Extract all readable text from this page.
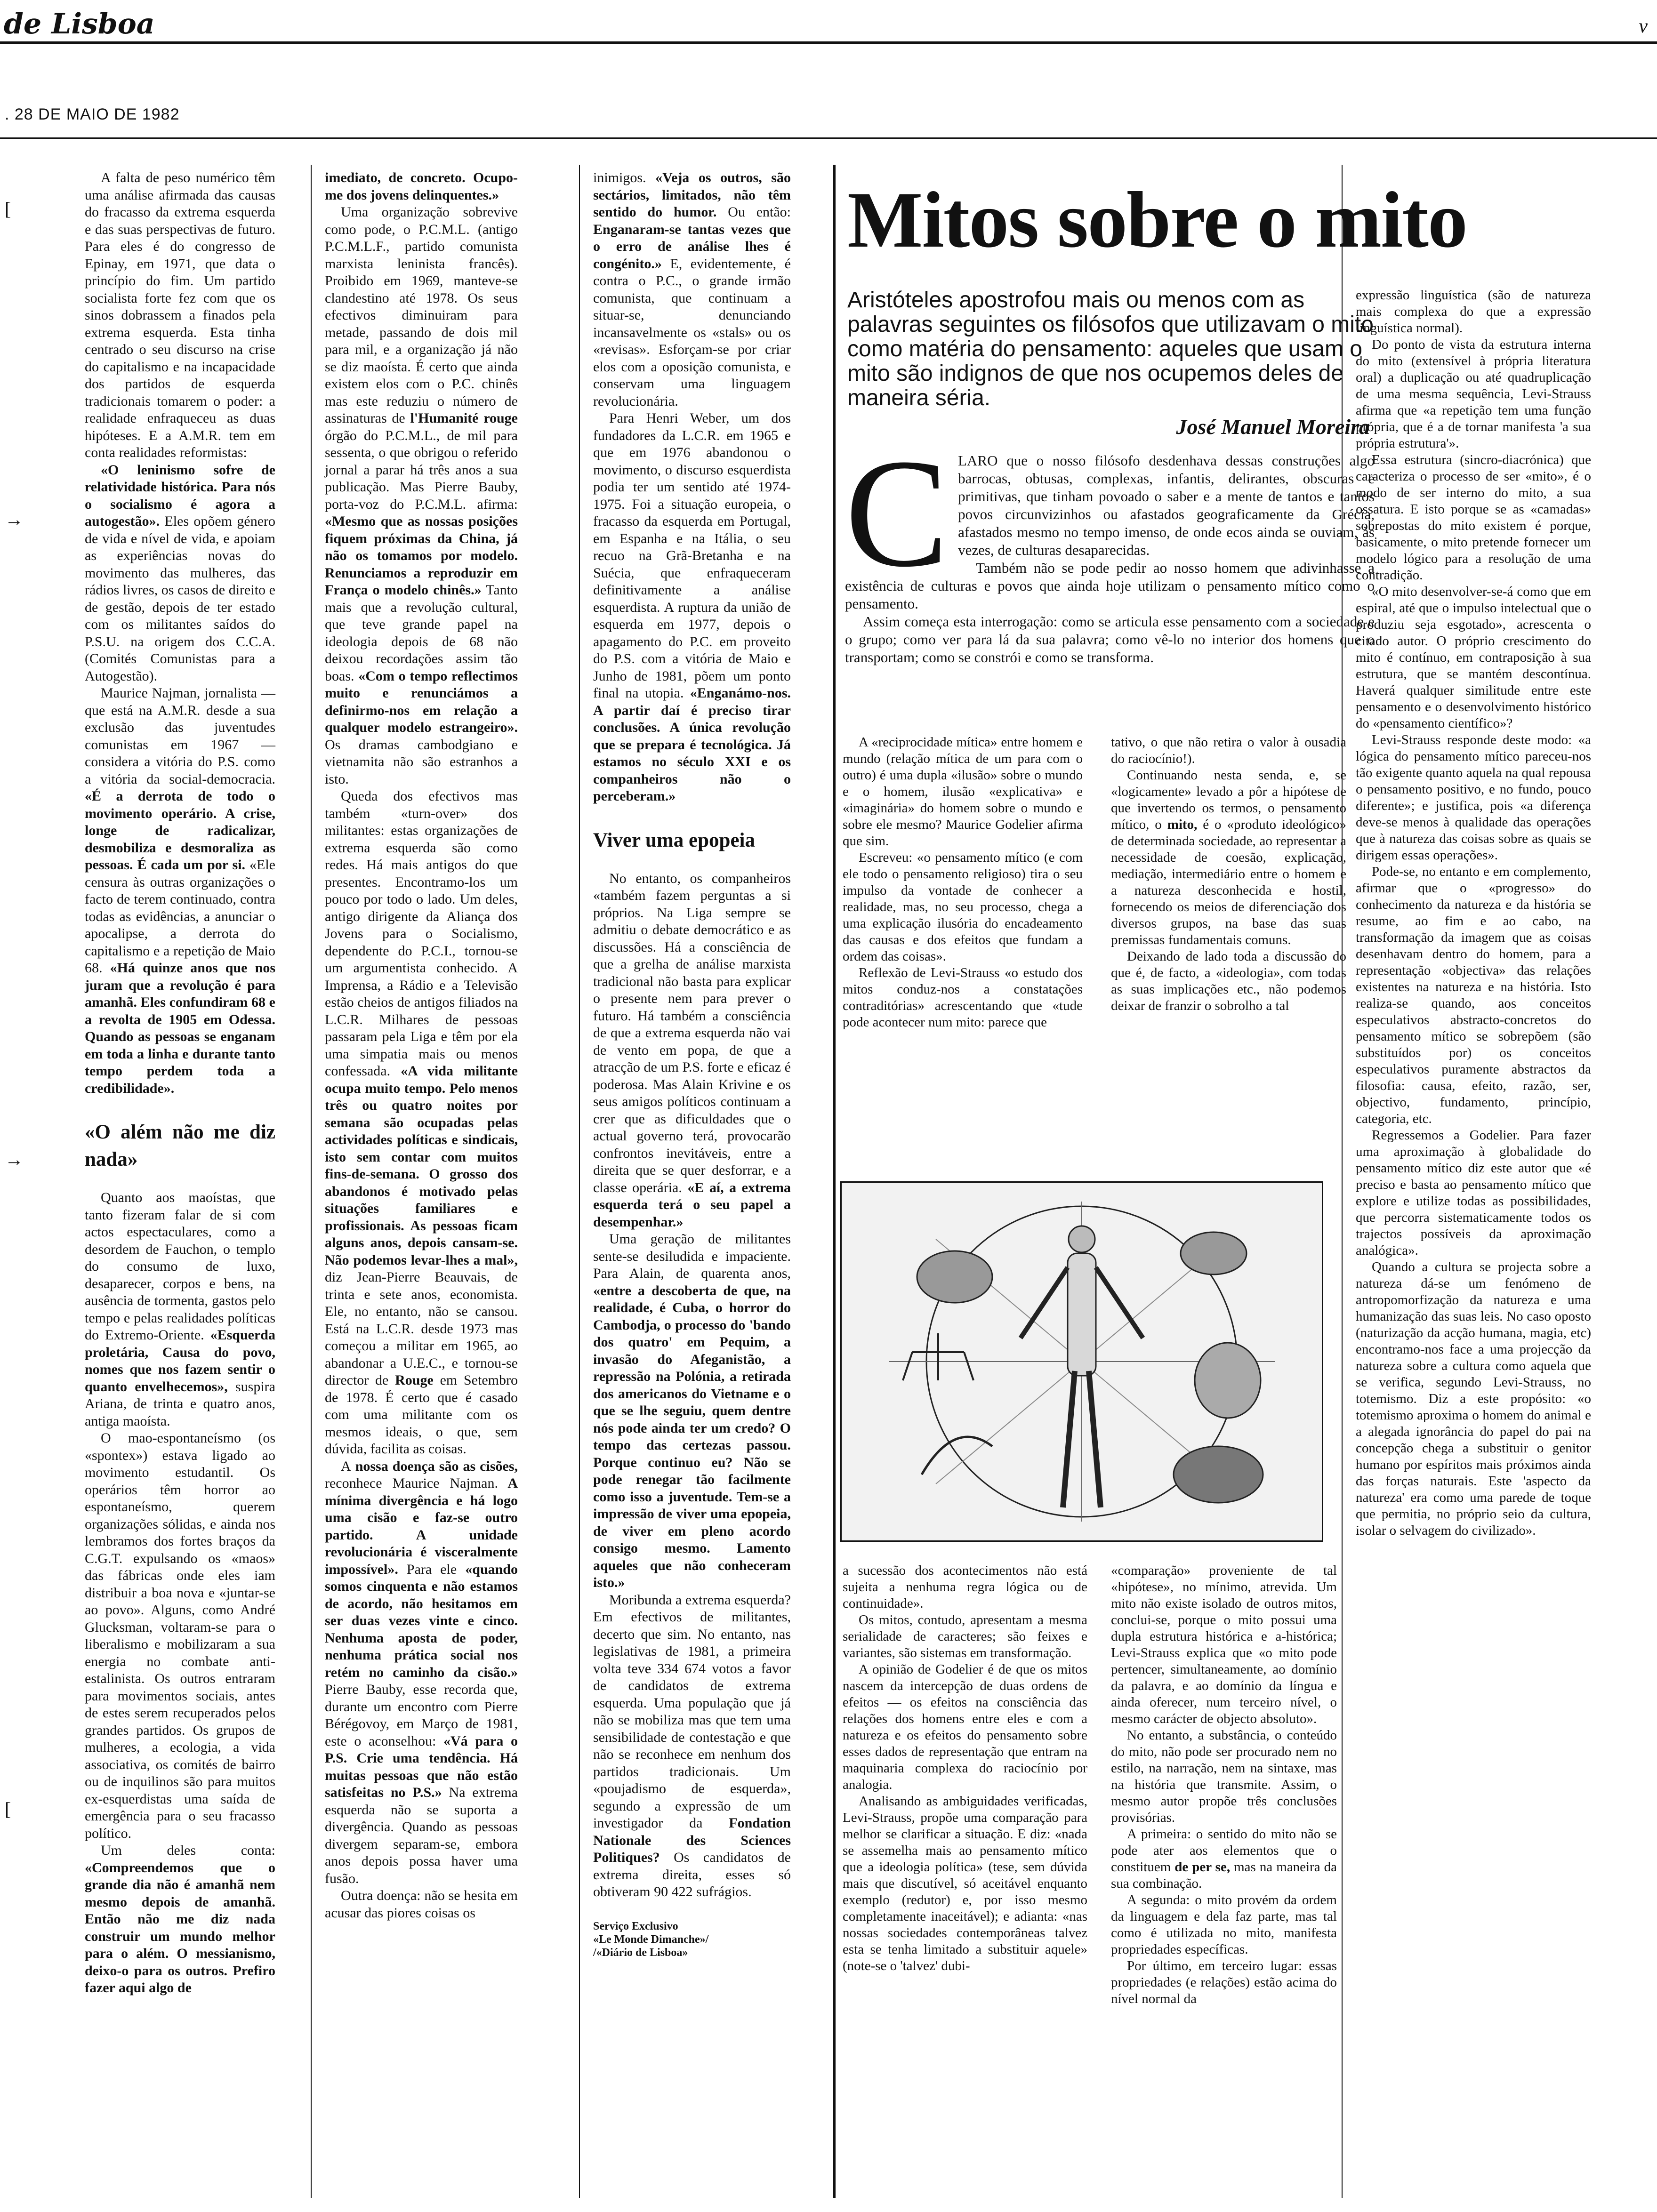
de Lisboa	v
. 28 DE MAIO DE 1982
[
→
→
[

A falta de peso numérico têm uma análise afirmada das causas do fracasso da extrema esquerda e das suas perspectivas de futuro. Para eles é do congresso de Epinay, em 1971, que data o princípio do fim. Um partido socialista forte fez com que os sinos dobrassem a finados pela extrema esquerda. Esta tinha centrado o seu discurso na crise do capitalismo e na incapacidade dos partidos de esquerda tradicionais tomarem o poder: a realidade enfraqueceu as duas hipóteses. E a A.M.R. tem em conta realidades reformistas:

«O leninismo sofre de relatividade histórica. Para nós o socialismo é agora a autogestão». Eles opõem género de vida e nível de vida, e apoiam as experiências novas do movimento das mulheres, das rádios livres, os casos de direito e de gestão, depois de ter estado com os militantes saídos do P.S.U. na origem dos C.C.A. (Comités Comunistas para a Autogestão).

Maurice Najman, jornalista — que está na A.M.R. desde a sua exclusão das juventudes comunistas em 1967 — considera a vitória do P.S. como a vitória da social-democracia. «É a derrota de todo o movimento operário. A crise, longe de radicalizar, desmobiliza e desmoraliza as pessoas. É cada um por si. «Ele censura às outras organizações o facto de terem continuado, contra todas as evidências, a anunciar o apocalipse, a derrota do capitalismo e a repetição de Maio 68. «Há quinze anos que nos juram que a revolução é para amanhã. Eles confundiram 68 e a revolta de 1905 em Odessa. Quando as pessoas se enganam em toda a linha e durante tanto tempo perdem toda a credibilidade».

«O além não me diz nada»

Quanto aos maoístas, que tanto fizeram falar de si com actos espectaculares, como a desordem de Fauchon, o templo do consumo de luxo, desaparecer, corpos e bens, na ausência de tormenta, gastos pelo tempo e pelas realidades políticas do Extremo-Oriente. «Esquerda proletária, Causa do povo, nomes que nos fazem sentir o quanto envelhecemos», suspira Ariana, de trinta e quatro anos, antiga maoísta.

O mao-espontaneísmo (os «spontex») estava ligado ao movimento estudantil. Os operários têm horror ao espontaneísmo, querem organizações sólidas, e ainda nos lembramos dos fortes braços da C.G.T. expulsando os «maos» das fábricas onde eles iam distribuir a boa nova e «juntar-se ao povo». Alguns, como André Glucksman, voltaram-se para o liberalismo e mobilizaram a sua energia no combate anti-estalinista. Os outros entraram para movimentos sociais, antes de estes serem recuperados pelos grandes partidos. Os grupos de mulheres, a ecologia, a vida associativa, os comités de bairro ou de inquilinos são para muitos ex-esquerdistas uma saída de emergência para o seu fracasso político.

Um deles conta: «Compreendemos que o grande dia não é amanhã nem mesmo depois de amanhã. Então não me diz nada construir um mundo melhor para o além. O messianismo, deixo-o para os outros. Prefiro fazer aqui algo de

imediato, de concreto. Ocupo-me dos jovens delinquentes.»

Uma organização sobrevive como pode, o P.C.M.L. (antigo P.C.M.L.F., partido comunista marxista leninista francês). Proibido em 1969, manteve-se clandestino até 1978. Os seus efectivos diminuiram para metade, passando de dois mil para mil, e a organização já não se diz maoísta. É certo que ainda existem elos com o P.C. chinês mas este reduziu o número de assinaturas de l'Humanité rouge órgão do P.C.M.L., de mil para sessenta, o que obrigou o referido jornal a parar há três anos a sua publicação. Mas Pierre Bauby, porta-voz do P.C.M.L. afirma: «Mesmo que as nossas posições fiquem próximas da China, já não os tomamos por modelo. Renunciamos a reproduzir em França o modelo chinês.» Tanto mais que a revolução cultural, que teve grande papel na ideologia depois de 68 não deixou recordações assim tão boas. «Com o tempo reflectimos muito e renunciámos a definirmo-nos em relação a qualquer modelo estrangeiro». Os dramas cambodgiano e vietnamita não são estranhos a isto.

Queda dos efectivos mas também «turn-over» dos militantes: estas organizações de extrema esquerda são como redes. Há mais antigos do que presentes. Encontramo-los um pouco por todo o lado. Um deles, antigo dirigente da Aliança dos Jovens para o Socialismo, dependente do P.C.I., tornou-se um argumentista conhecido. A Imprensa, a Rádio e a Televisão estão cheios de antigos filiados na L.C.R. Milhares de pessoas passaram pela Liga e têm por ela uma simpatia mais ou menos confessada. «A vida militante ocupa muito tempo. Pelo menos três ou quatro noites por semana são ocupadas pelas actividades políticas e sindicais, isto sem contar com muitos fins-de-semana. O grosso dos abandonos é motivado pelas situações familiares e profissionais. As pessoas ficam alguns anos, depois cansam-se. Não podemos levar-lhes a mal», diz Jean-Pierre Beauvais, de trinta e sete anos, economista. Ele, no entanto, não se cansou. Está na L.C.R. desde 1973 mas começou a militar em 1965, ao abandonar a U.E.C., e tornou-se director de Rouge em Setembro de 1978. É certo que é casado com uma militante com os mesmos ideais, o que, sem dúvida, facilita as coisas.

A nossa doença são as cisões, reconhece Maurice Najman. A mínima divergência e há logo uma cisão e faz-se outro partido. A unidade revolucionária é visceralmente impossível». Para ele «quando somos cinquenta e não estamos de acordo, não hesitamos em ser duas vezes vinte e cinco. Nenhuma aposta de poder, nenhuma prática social nos retém no caminho da cisão.» Pierre Bauby, esse recorda que, durante um encontro com Pierre Bérégovoy, em Março de 1981, este o aconselhou: «Vá para o P.S. Crie uma tendência. Há muitas pessoas que não estão satisfeitas no P.S.» Na extrema esquerda não se suporta a divergência. Quando as pessoas divergem separam-se, embora anos depois possa haver uma fusão.

Outra doença: não se hesita em acusar das piores coisas os

inimigos. «Veja os outros, são sectários, limitados, não têm sentido do humor. Ou então: Enganaram-se tantas vezes que o erro de análise lhes é congénito.» E, evidentemente, é contra o P.C., o grande irmão comunista, que continuam a situar-se, denunciando incansavelmente os «stals» ou os «revisas». Esforçam-se por criar elos com a oposição comunista, e conservam uma linguagem revolucionária.

Para Henri Weber, um dos fundadores da L.C.R. em 1965 e que em 1976 abandonou o movimento, o discurso esquerdista podia ter um sentido até 1974-1975. Foi a situação europeia, o fracasso da esquerda em Portugal, em Espanha e na Itália, o seu recuo na Grã-Bretanha e na Suécia, que enfraqueceram definitivamente a análise esquerdista. A ruptura da união de esquerda em 1977, depois o apagamento do P.C. em proveito do P.S. com a vitória de Maio e Junho de 1981, põem um ponto final na utopia. «Enganámo-nos. A partir daí é preciso tirar conclusões. A única revolução que se prepara é tecnológica. Já estamos no século XXI e os companheiros não o perceberam.»

Viver uma epopeia

No entanto, os companheiros «também fazem perguntas a si próprios. Na Liga sempre se admitiu o debate democrático e as discussões. Há a consciência de que a grelha de análise marxista tradicional não basta para explicar o presente nem para prever o futuro. Há também a consciência de que a extrema esquerda não vai de vento em popa, de que a atracção de um P.S. forte e eficaz é poderosa. Mas Alain Krivine e os seus amigos políticos continuam a crer que as dificuldades que o actual governo terá, provocarão confrontos inevitáveis, entre a direita que se quer desforrar, e a classe operária. «E aí, a extrema esquerda terá o seu papel a desempenhar.»

Uma geração de militantes sente-se desiludida e impaciente. Para Alain, de quarenta anos, «entre a descoberta de que, na realidade, é Cuba, o horror do Cambodja, o processo do 'bando dos quatro' em Pequim, a invasão do Afeganistão, a repressão na Polónia, a retirada dos americanos do Vietname e o que se lhe seguiu, quem dentre nós pode ainda ter um credo? O tempo das certezas passou. Porque continuo eu? Não se pode renegar tão facilmente como isso a juventude. Tem-se a impressão de viver uma epopeia, de viver em pleno acordo consigo mesmo. Lamento aqueles que não conheceram isto.»

Moribunda a extrema esquerda? Em efectivos de militantes, decerto que sim. No entanto, nas legislativas de 1981, a primeira volta teve 334 674 votos a favor de candidatos de extrema esquerda. Uma população que já não se mobiliza mas que tem uma sensibilidade de contestação e que não se reconhece em nenhum dos partidos tradicionais. Um «poujadismo de esquerda», segundo a expressão de um investigador da Fondation Nationale des Sciences Politiques? Os candidatos de extrema direita, esses só obtiveram 90 422 sufrágios.

Serviço Exclusivo
«Le Monde Dimanche»/
/«Diário de Lisboa»
Mitos sobre o mito
Aristóteles apostrofou mais ou menos com as palavras seguintes os filósofos que utilizavam o mito como matéria do pensamento: aqueles que usam o mito são indignos de que nos ocupemos deles de maneira séria.
José Manuel Moreira
C LARO que o nosso filósofo desdenhava dessas construções algo barrocas, obtusas, complexas, infantis, delirantes, obscuras e primitivas, que tinham povoado o saber e a mente de tantos e tantos povos circunvizinhos ou afastados geograficamente da Grécia, afastados mesmo no tempo imenso, de onde ecos ainda se ouviam, às vezes, de culturas desaparecidas.

Também não se pode pedir ao nosso homem que adivinhasse a existência de culturas e povos que ainda hoje utilizam o pensamento mítico como o pensamento.

Assim começa esta interrogação: como se articula esse pensamento com a sociedade e o grupo; como ver para lá da sua palavra; como vê-lo no interior dos homens que o transportam; como se constrói e como se transforma.

A «reciprocidade mítica» entre homem e mundo (relação mítica de um para com o outro) é uma dupla «ilusão» sobre o mundo e o homem, ilusão «explicativa» e «imaginária» do homem sobre o mundo e sobre ele mesmo? Maurice Godelier afirma que sim.

Escreveu: «o pensamento mítico (e com ele todo o pensamento religioso) tira o seu impulso da vontade de conhecer a realidade, mas, no seu processo, chega a uma explicação ilusória do encadeamento das causas e dos efeitos que fundam a ordem das coisas».

Reflexão de Levi-Strauss «o estudo dos mitos conduz-nos a constatações contraditórias» acrescentando que «tude pode acontecer num mito: parece que

tativo, o que não retira o valor à ousadia do raciocínio!).

Continuando nesta senda, e, se «logicamente» levado a pôr a hipótese de que invertendo os termos, o pensamento mítico, o mito, é o «produto ideológico» de determinada sociedade, ao representar a necessidade de coesão, explicação, mediação, intermediário entre o homem e a natureza desconhecida e hostil, fornecendo os meios de diferenciação dos diversos grupos, na base das suas premissas fundamentais comuns.

Deixando de lado toda a discussão do que é, de facto, a «ideologia», com todas as suas implicações etc., não podemos deixar de franzir o sobrolho a tal

a sucessão dos acontecimentos não está sujeita a nenhuma regra lógica ou de continuidade».

Os mitos, contudo, apresentam a mesma serialidade de caracteres; são feixes e variantes, são sistemas em transformação.

A opinião de Godelier é de que os mitos nascem da intercepção de duas ordens de efeitos — os efeitos na consciência das relações dos homens entre eles e com a natureza e os efeitos do pensamento sobre esses dados de representação que entram na maquinaria complexa do raciocínio por analogia.

Analisando as ambiguidades verificadas, Levi-Strauss, propõe uma comparação para melhor se clarificar a situação. E diz: «nada se assemelha mais ao pensamento mítico que a ideologia política» (tese, sem dúvida mais que discutível, só aceitável enquanto exemplo (redutor) e, por isso mesmo completamente inaceitável); e adianta: «nas nossas sociedades contemporâneas talvez esta se tenha limitado a substituir aquele» (note-se o 'talvez' dubi-

«comparação» proveniente de tal «hipótese», no mínimo, atrevida. Um mito não existe isolado de outros mitos, conclui-se, porque o mito possui uma dupla estrutura histórica e a-histórica; Levi-Strauss explica que «o mito pode pertencer, simultaneamente, ao domínio da palavra, e ao domínio da língua e ainda oferecer, num terceiro nível, o mesmo carácter de objecto absoluto».

No entanto, a substância, o conteúdo do mito, não pode ser procurado nem no estilo, na narração, nem na sintaxe, mas na história que transmite. Assim, o mesmo autor propõe três conclusões provisórias.

A primeira: o sentido do mito não se pode ater aos elementos que o constituem de per se, mas na maneira da sua combinação.

A segunda: o mito provém da ordem da linguagem e dela faz parte, mas tal como é utilizada no mito, manifesta propriedades específicas.

Por último, em terceiro lugar: essas propriedades (e relações) estão acima do nível normal da

expressão linguística (são de natureza mais complexa do que a expressão linguística normal).

Do ponto de vista da estrutura interna do mito (extensível à própria literatura oral) a duplicação ou até quadruplicação de uma mesma sequência, Levi-Strauss afirma que «a repetição tem uma função própria, que é a de tornar manifesta 'a sua própria estrutura'».

Essa estrutura (sincro-diacrónica) que caracteriza o processo de ser «mito», é o modo de ser interno do mito, a sua ossatura. E isto porque se as «camadas» sobrepostas do mito existem é porque, basicamente, o mito pretende fornecer um modelo lógico para a resolução de uma contradição.

«O mito desenvolver-se-á como que em espiral, até que o impulso intelectual que o produziu seja esgotado», acrescenta o citado autor. O próprio crescimento do mito é contínuo, em contraposição à sua estrutura, que se mantém descontínua. Haverá qualquer similitude entre este pensamento e o desenvolvimento histórico do «pensamento científico»?

Levi-Strauss responde deste modo: «a lógica do pensamento mítico pareceu-nos tão exigente quanto aquela na qual repousa o pensamento positivo, e no fundo, pouco diferente»; e justifica, pois «a diferença deve-se menos à qualidade das operações que à natureza das coisas sobre as quais se dirigem essas operações».

Pode-se, no entanto e em complemento, afirmar que o «progresso» do conhecimento da natureza e da história se resume, ao fim e ao cabo, na transformação da imagem que as coisas desenhavam dentro do homem, para a representação «objectiva» das relações existentes na natureza e na história. Isto realiza-se quando, aos conceitos especulativos abstracto-concretos do pensamento mítico se sobrepõem (são substituídos por) os conceitos especulativos puramente abstractos da filosofia: causa, efeito, razão, ser, objectivo, fundamento, princípio, categoria, etc.

Regressemos a Godelier. Para fazer uma aproximação à globalidade do pensamento mítico diz este autor que «é preciso e basta ao pensamento mítico que explore e utilize todas as possibilidades, que percorra sistematicamente todos os trajectos possíveis da aproximação analógica».

Quando a cultura se projecta sobre a natureza dá-se um fenómeno de antropomorfização da natureza e uma humanização das suas leis. No caso oposto (naturização da acção humana, magia, etc) encontramo-nos face a uma projecção da natureza sobre a cultura como aquela que se verifica, segundo Levi-Strauss, no totemismo. Diz a este propósito: «o totemismo aproxima o homem do animal e a alegada ignorância do papel do pai na concepção chega a substituir o genitor humano por espíritos mais próximos ainda das forças naturais. Este 'aspecto da natureza' era como uma parede de toque que permitia, no próprio seio da cultura, isolar o selvagem do civilizado».
